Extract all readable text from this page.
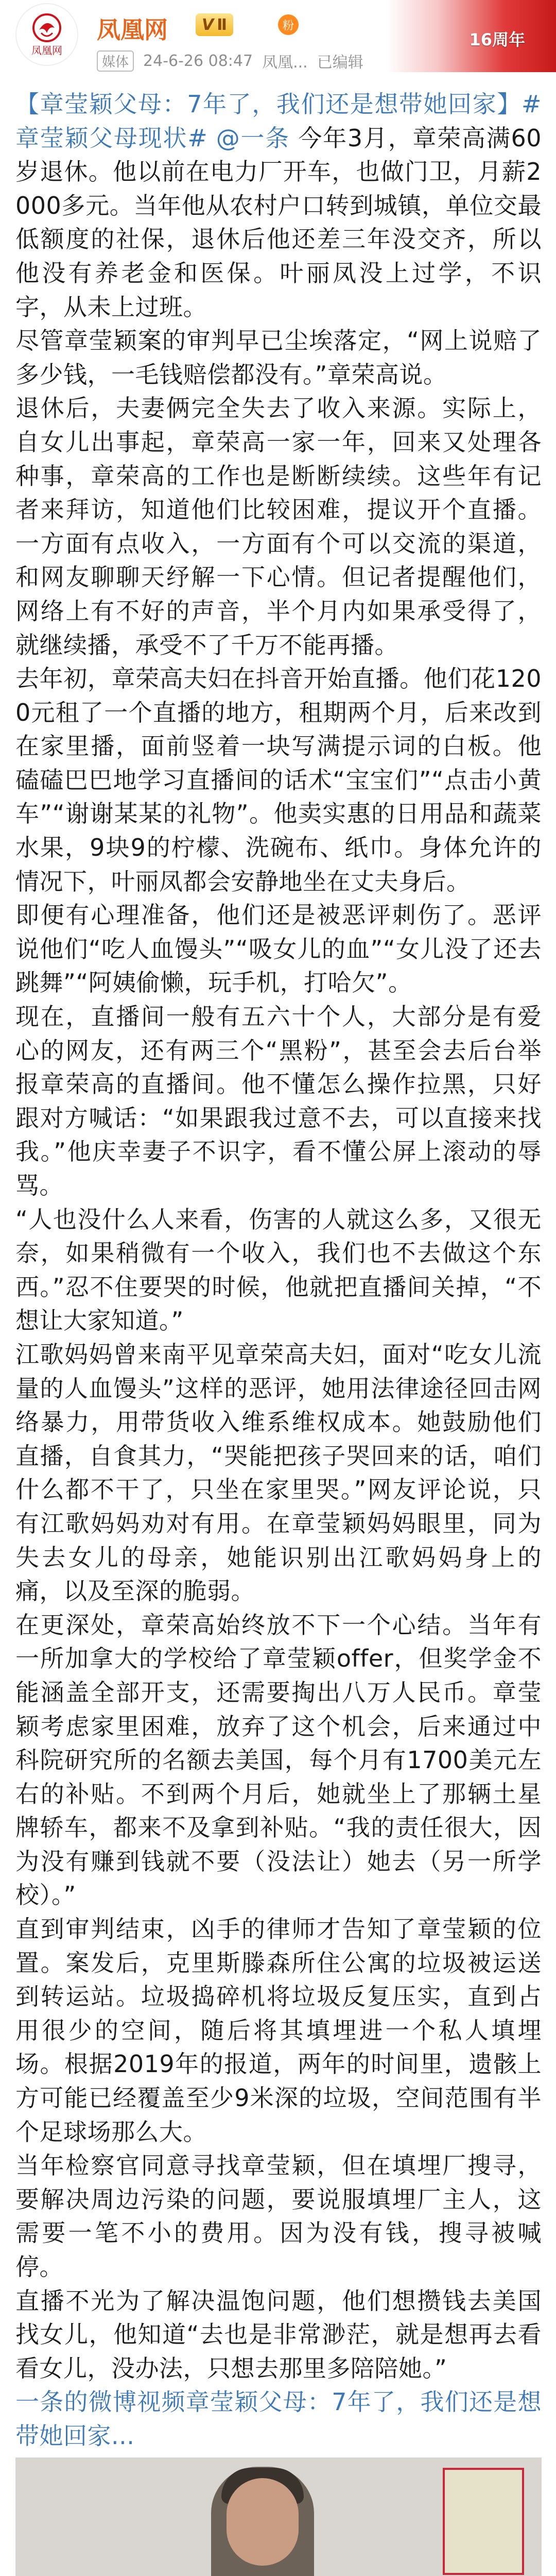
凤凰网
凤凰网 V Ⅱ	粉
媒体 24-6-26 08:47 凤凰... 已编辑
16周年

【章莹颖父母：7年了，我们还是想带她回家】#章莹颖父母现状# @一条 今年3月，章荣高满60岁退休。他以前在电力厂开车，也做门卫，月薪2000多元。当年他从农村户口转到城镇，单位交最低额度的社保，退休后他还差三年没交齐，所以他没有养老金和医保。叶丽凤没上过学，不识字，从未上过班。

尽管章莹颖案的审判早已尘埃落定，“网上说赔了多少钱，一毛钱赔偿都没有。”章荣高说。

退休后，夫妻俩完全失去了收入来源。实际上，自女儿出事起，章荣高一家一年，回来又处理各种事，章荣高的工作也是断断续续。这些年有记者来拜访，知道他们比较困难，提议开个直播。一方面有点收入，一方面有个可以交流的渠道，和网友聊聊天纾解一下心情。但记者提醒他们，网络上有不好的声音，半个月内如果承受得了，就继续播，承受不了千万不能再播。

去年初，章荣高夫妇在抖音开始直播。他们花1200元租了一个直播的地方，租期两个月，后来改到在家里播，面前竖着一块写满提示词的白板。他磕磕巴巴地学习直播间的话术“宝宝们”“点击小黄车”“谢谢某某的礼物”。他卖实惠的日用品和蔬菜水果，9块9的柠檬、洗碗布、纸巾。身体允许的情况下，叶丽凤都会安静地坐在丈夫身后。

即便有心理准备，他们还是被恶评刺伤了。恶评说他们“吃人血馒头”“吸女儿的血”“女儿没了还去跳舞”“阿姨偷懒，玩手机，打哈欠”。

现在，直播间一般有五六十个人，大部分是有爱心的网友，还有两三个“黑粉”，甚至会去后台举报章荣高的直播间。他不懂怎么操作拉黑，只好跟对方喊话：“如果跟我过意不去，可以直接来找我。”他庆幸妻子不识字，看不懂公屏上滚动的辱骂。

“人也没什么人来看，伤害的人就这么多，又很无奈，如果稍微有一个收入，我们也不去做这个东西。”忍不住要哭的时候，他就把直播间关掉，“不想让大家知道。”

江歌妈妈曾来南平见章荣高夫妇，面对“吃女儿流量的人血馒头”这样的恶评，她用法律途径回击网络暴力，用带货收入维系维权成本。她鼓励他们直播，自食其力，“哭能把孩子哭回来的话，咱们什么都不干了，只坐在家里哭。”网友评论说，只有江歌妈妈劝对有用。在章莹颖妈妈眼里，同为失去女儿的母亲，她能识别出江歌妈妈身上的痛，以及至深的脆弱。

在更深处，章荣高始终放不下一个心结。当年有一所加拿大的学校给了章莹颖offer，但奖学金不能涵盖全部开支，还需要掏出八万人民币。章莹颖考虑家里困难，放弃了这个机会，后来通过中科院研究所的名额去美国，每个月有1700美元左右的补贴。不到两个月后，她就坐上了那辆土星牌轿车，都来不及拿到补贴。“我的责任很大，因为没有赚到钱就不要（没法让）她去（另一所学校）。”

直到审判结束，凶手的律师才告知了章莹颖的位置。案发后，克里斯滕森所住公寓的垃圾被运送到转运站。垃圾捣碎机将垃圾反复压实，直到占用很少的空间，随后将其填埋进一个私人填埋场。根据2019年的报道，两年的时间里，遗骸上方可能已经覆盖至少9米深的垃圾，空间范围有半个足球场那么大。

当年检察官同意寻找章莹颖，但在填埋厂搜寻，要解决周边污染的问题，要说服填埋厂主人，这需要一笔不小的费用。因为没有钱，搜寻被喊停。

直播不光为了解决温饱问题，他们想攒钱去美国找女儿，他知道“去也是非常渺茫，就是想再去看看女儿，没办法，只想去那里多陪陪她。”

一条的微博视频章莹颖父母：7年了，我们还是想带她回家...
